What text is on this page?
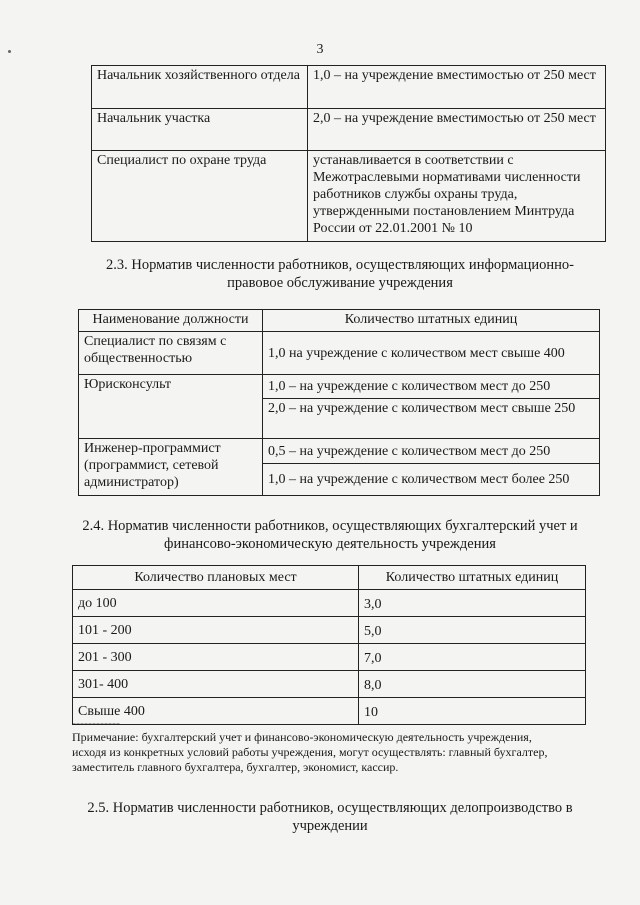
3
Начальник хозяйственного отдела	1,0 – на учреждение вместимостью от 250 мест
Начальник участка	2,0 – на учреждение вместимостью от 250 мест
Специалист по охране труда	устанавливается в соответствии с Межотраслевыми нормативами численности работников службы охраны труда, утвержденными постановлением Минтруда России от 22.01.2001 № 10
2.3. Норматив численности работников, осуществляющих информационно-
правовое обслуживание учреждения
Наименование должности	Количество штатных единиц
Специалист по связям с общественностью	1,0 на учреждение с количеством мест свыше 400
Юрисконсульт	1,0 – на учреждение с количеством мест до 250
	2,0 – на учреждение с количеством мест свыше 250
Инженер-программист (программист, сетевой администратор)	0,5 – на учреждение с количеством мест до 250
	1,0 – на учреждение с количеством мест более 250
2.4. Норматив численности работников, осуществляющих бухгалтерский учет и
финансово-экономическую деятельность учреждения
Количество плановых мест	Количество штатных единиц
до 100	3,0
101 - 200	5,0
201 - 300	7,0
301- 400	8,0
Свыше 400	10
------------
Примечание: бухгалтерский учет и финансово-экономическую деятельность учреждения,
исходя из конкретных условий работы учреждения, могут осуществлять: главный бухгалтер,
заместитель главного бухгалтера, бухгалтер, экономист, кассир.
2.5. Норматив численности работников, осуществляющих делопроизводство в
учреждении
